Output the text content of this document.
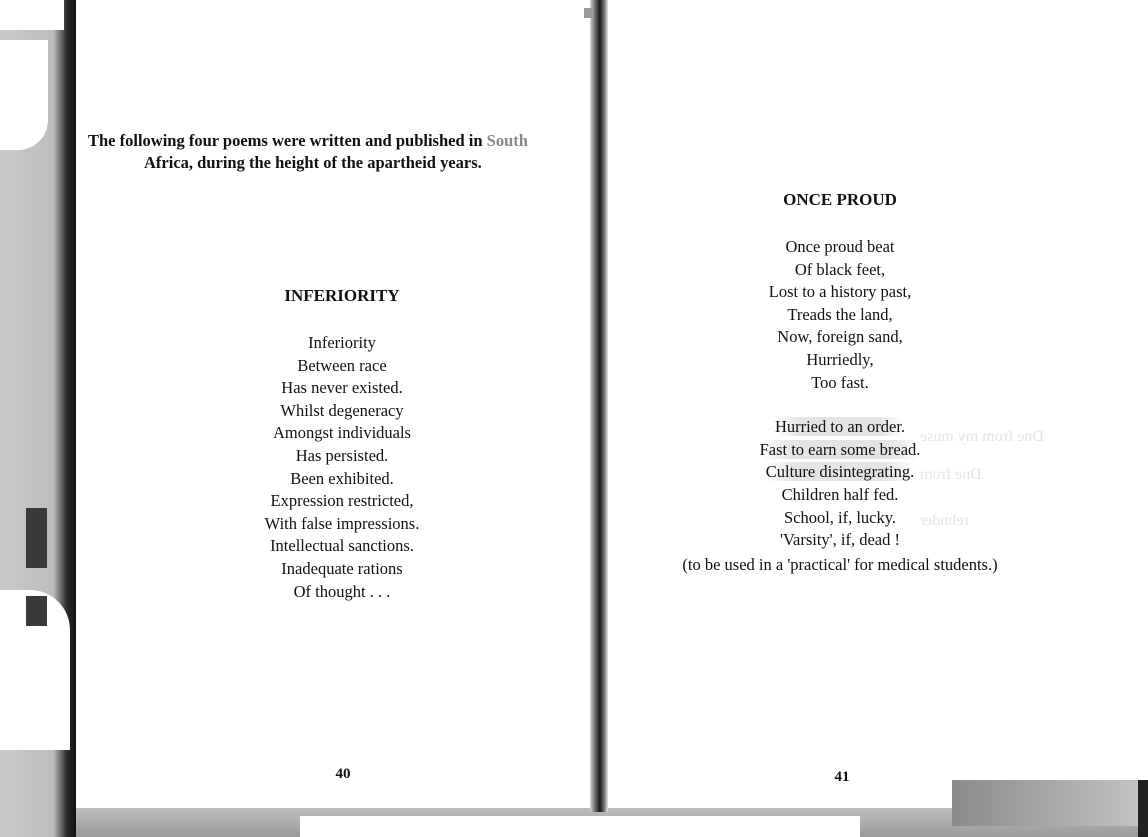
Dne from my muse
Dne from
rehnder
The following four poems were written and published in South
Africa, during the height of the apartheid years.
INFERIORITY
Inferiority
Between race
Has never existed.
Whilst degeneracy
Amongst individuals
Has persisted.
Been exhibited.
Expression restricted,
With false impressions.
Intellectual sanctions.
Inadequate rations
Of thought . . .
40
ONCE PROUD
Once proud beat
Of black feet,
Lost to a history past,
Treads the land,
Now, foreign sand,
Hurriedly,
Too fast.
Hurried to an order.
Fast to earn some bread.
Culture disintegrating.
Children half fed.
School, if, lucky.
'Varsity', if, dead !
(to be used in a 'practical' for medical students.)
41
